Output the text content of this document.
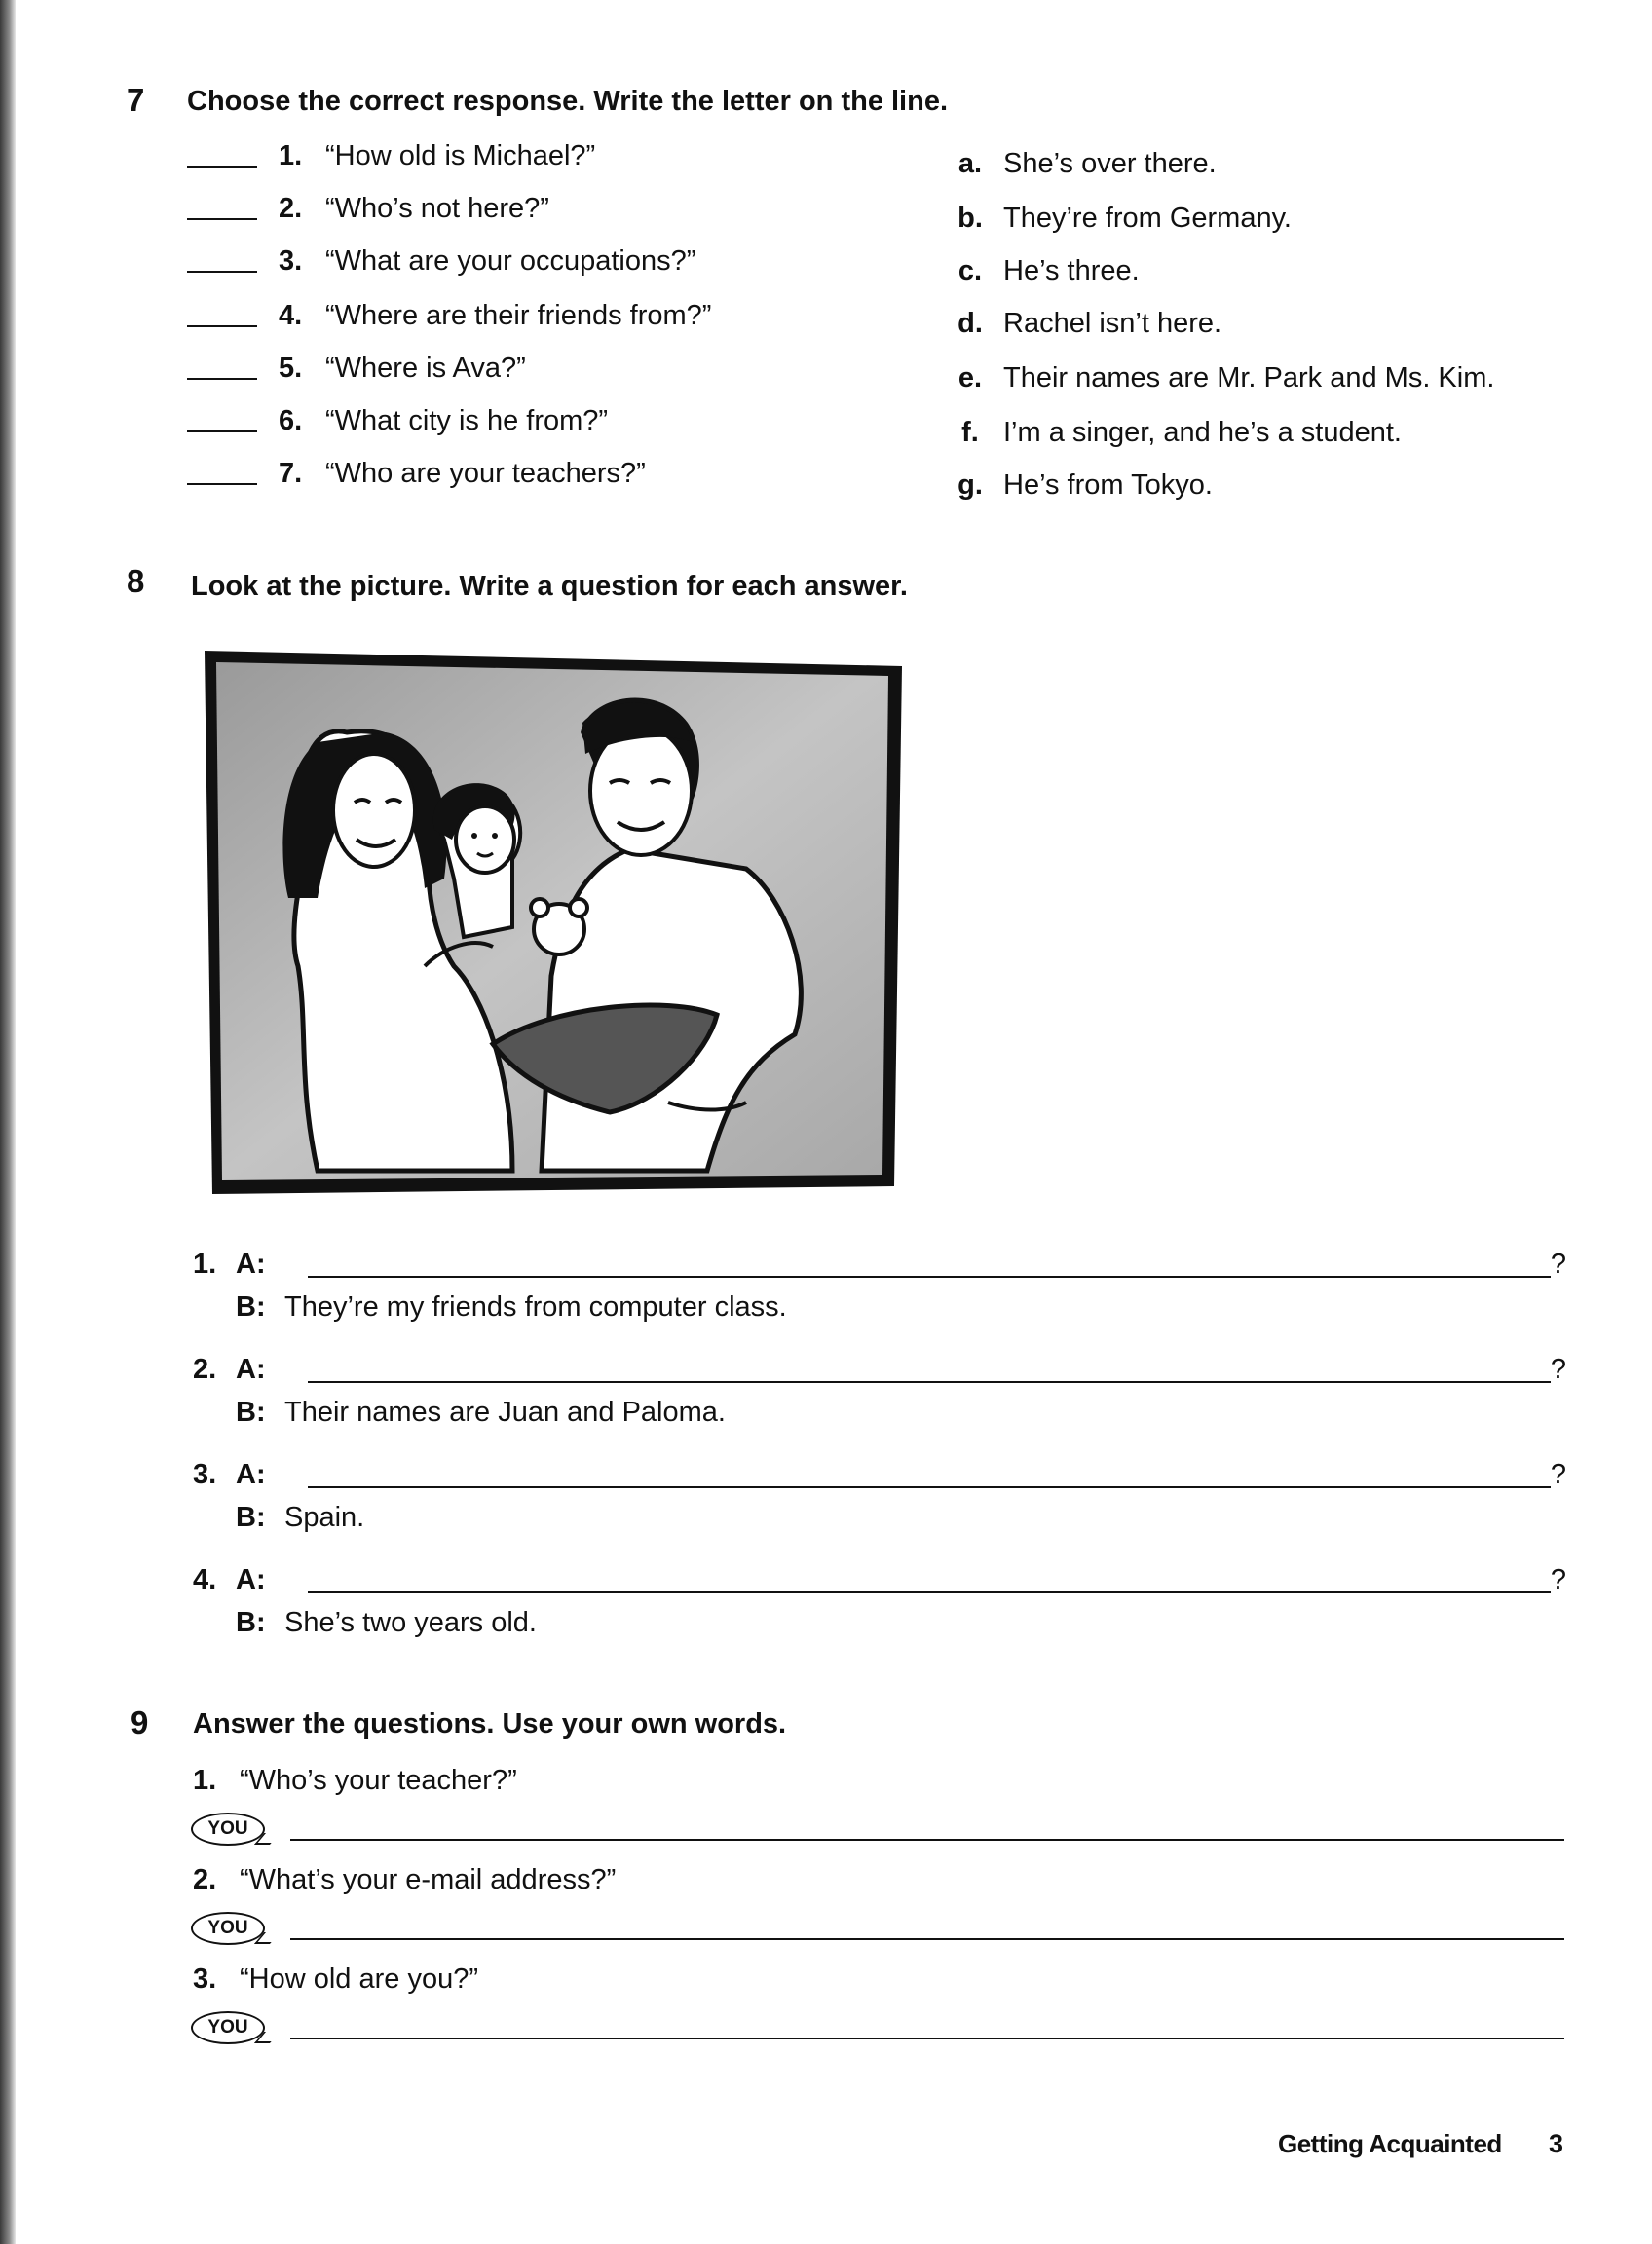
7 Choose the correct response. Write the letter on the line.
1. “How old is Michael?”
2. “Who’s not here?”
3. “What are your occupations?”
4. “Where are their friends from?”
5. “Where is Ava?”
6. “What city is he from?”
7. “Who are your teachers?”
a. She’s over there.
b. They’re from Germany.
c. He’s three.
d. Rachel isn’t here.
e. Their names are Mr. Park and Ms. Kim.
f. I’m a singer, and he’s a student.
g. He’s from Tokyo.
8 Look at the picture. Write a question for each answer.
1. A:	?
B: They’re my friends from computer class.
2. A:	?
B: Their names are Juan and Paloma.
3. A:	?
B: Spain.
4. A:	?
B: She’s two years old.
9 Answer the questions. Use your own words.
1. “Who’s your teacher?”
YOU
2. “What’s your e-mail address?”
YOU
3. “How old are you?”
YOU
Getting Acquainted 3
